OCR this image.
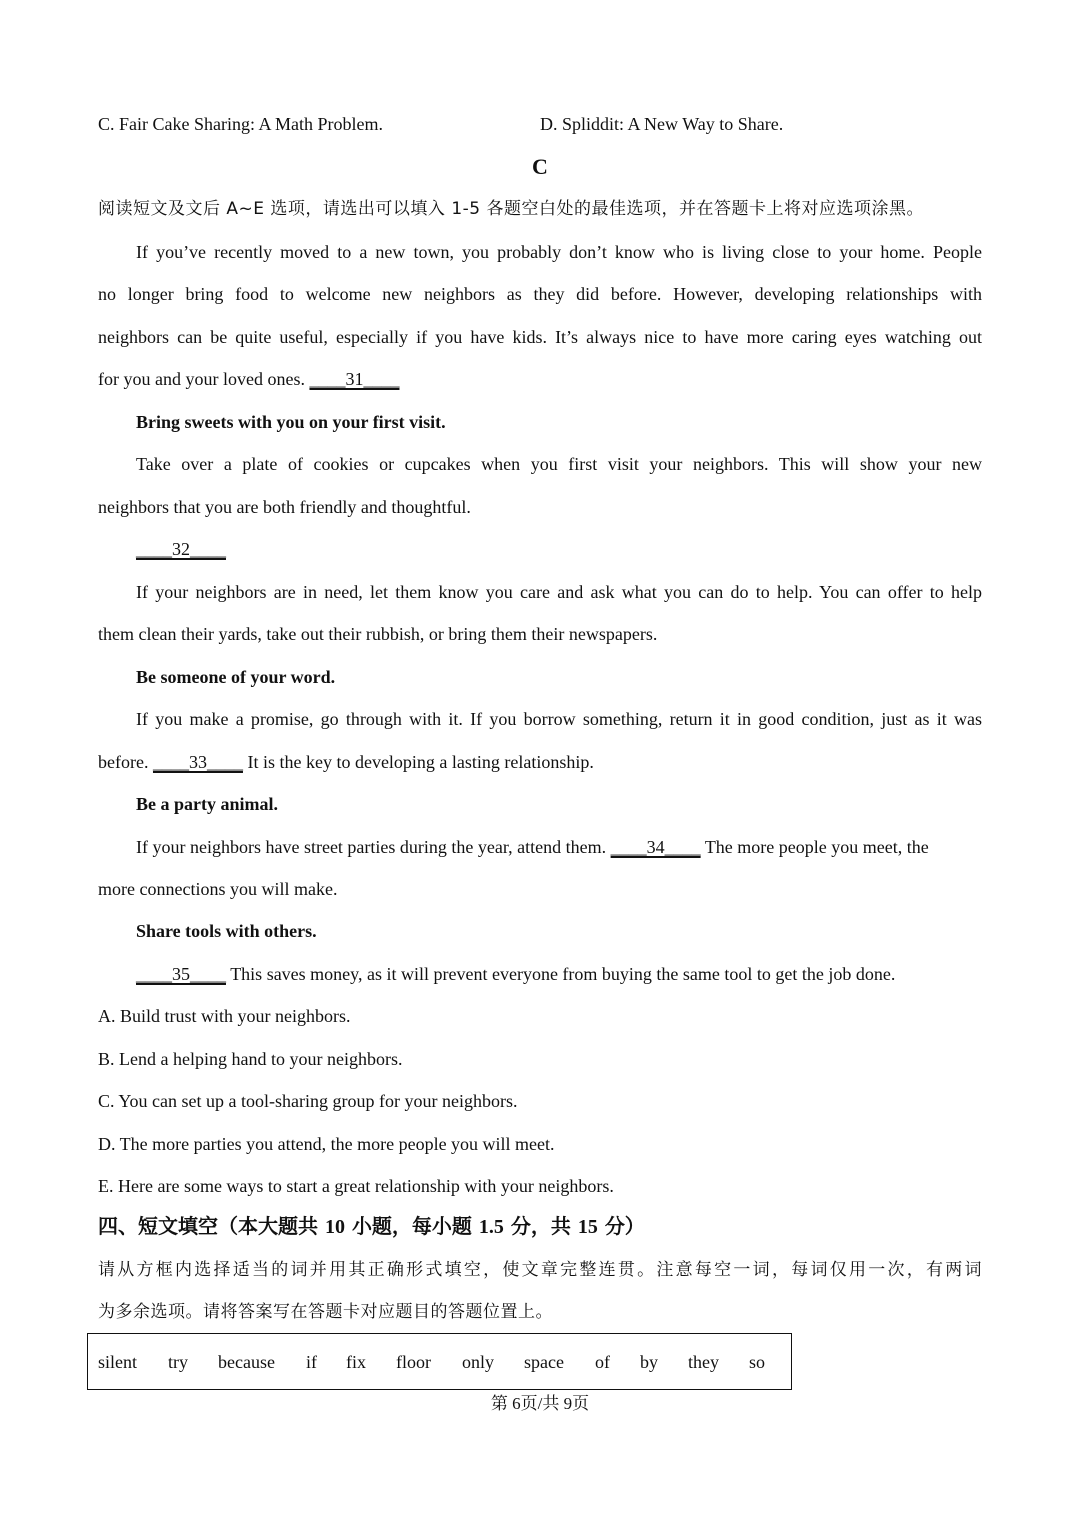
C. Fair Cake Sharing: A Math Problem.	D. Spliddit: A New Way to Share.
C
阅读短文及文后 A~E 选项，请选出可以填入 1-5 各题空白处的最佳选项，并在答题卡上将对应选项涂黑。
If you’ve recently moved to a new town, you probably don’t know who is living close to your home. People
no longer bring food to welcome new neighbors as they did before. However, developing relationships with
neighbors can be quite useful, especially if you have kids. It’s always nice to have more caring eyes watching out
for you and your loved ones. ____31____
Bring sweets with you on your first visit.
Take over a plate of cookies or cupcakes when you first visit your neighbors. This will show your new
neighbors that you are both friendly and thoughtful.
____32____
If your neighbors are in need, let them know you care and ask what you can do to help. You can offer to help
them clean their yards, take out their rubbish, or bring them their newspapers.
Be someone of your word.
If you make a promise, go through with it. If you borrow something, return it in good condition, just as it was
before. ____33____ It is the key to developing a lasting relationship.
Be a party animal.
If your neighbors have street parties during the year, attend them. ____34____ The more people you meet, the
more connections you will make.
Share tools with others.
____35____ This saves money, as it will prevent everyone from buying the same tool to get the job done.
A. Build trust with your neighbors.
B. Lend a helping hand to your neighbors.
C. You can set up a tool-sharing group for your neighbors.
D. The more parties you attend, the more people you will meet.
E. Here are some ways to start a great relationship with your neighbors.
四、短文填空（本大题共 10 小题，每小题 1.5 分，共 15 分）
请从方框内选择适当的词并用其正确形式填空，使文章完整连贯。注意每空一词，每词仅用一次，有两词
为多余选项。请将答案写在答题卡对应题目的答题位置上。
silent try because if fix floor only space of by they so
第 6页/共 9页
